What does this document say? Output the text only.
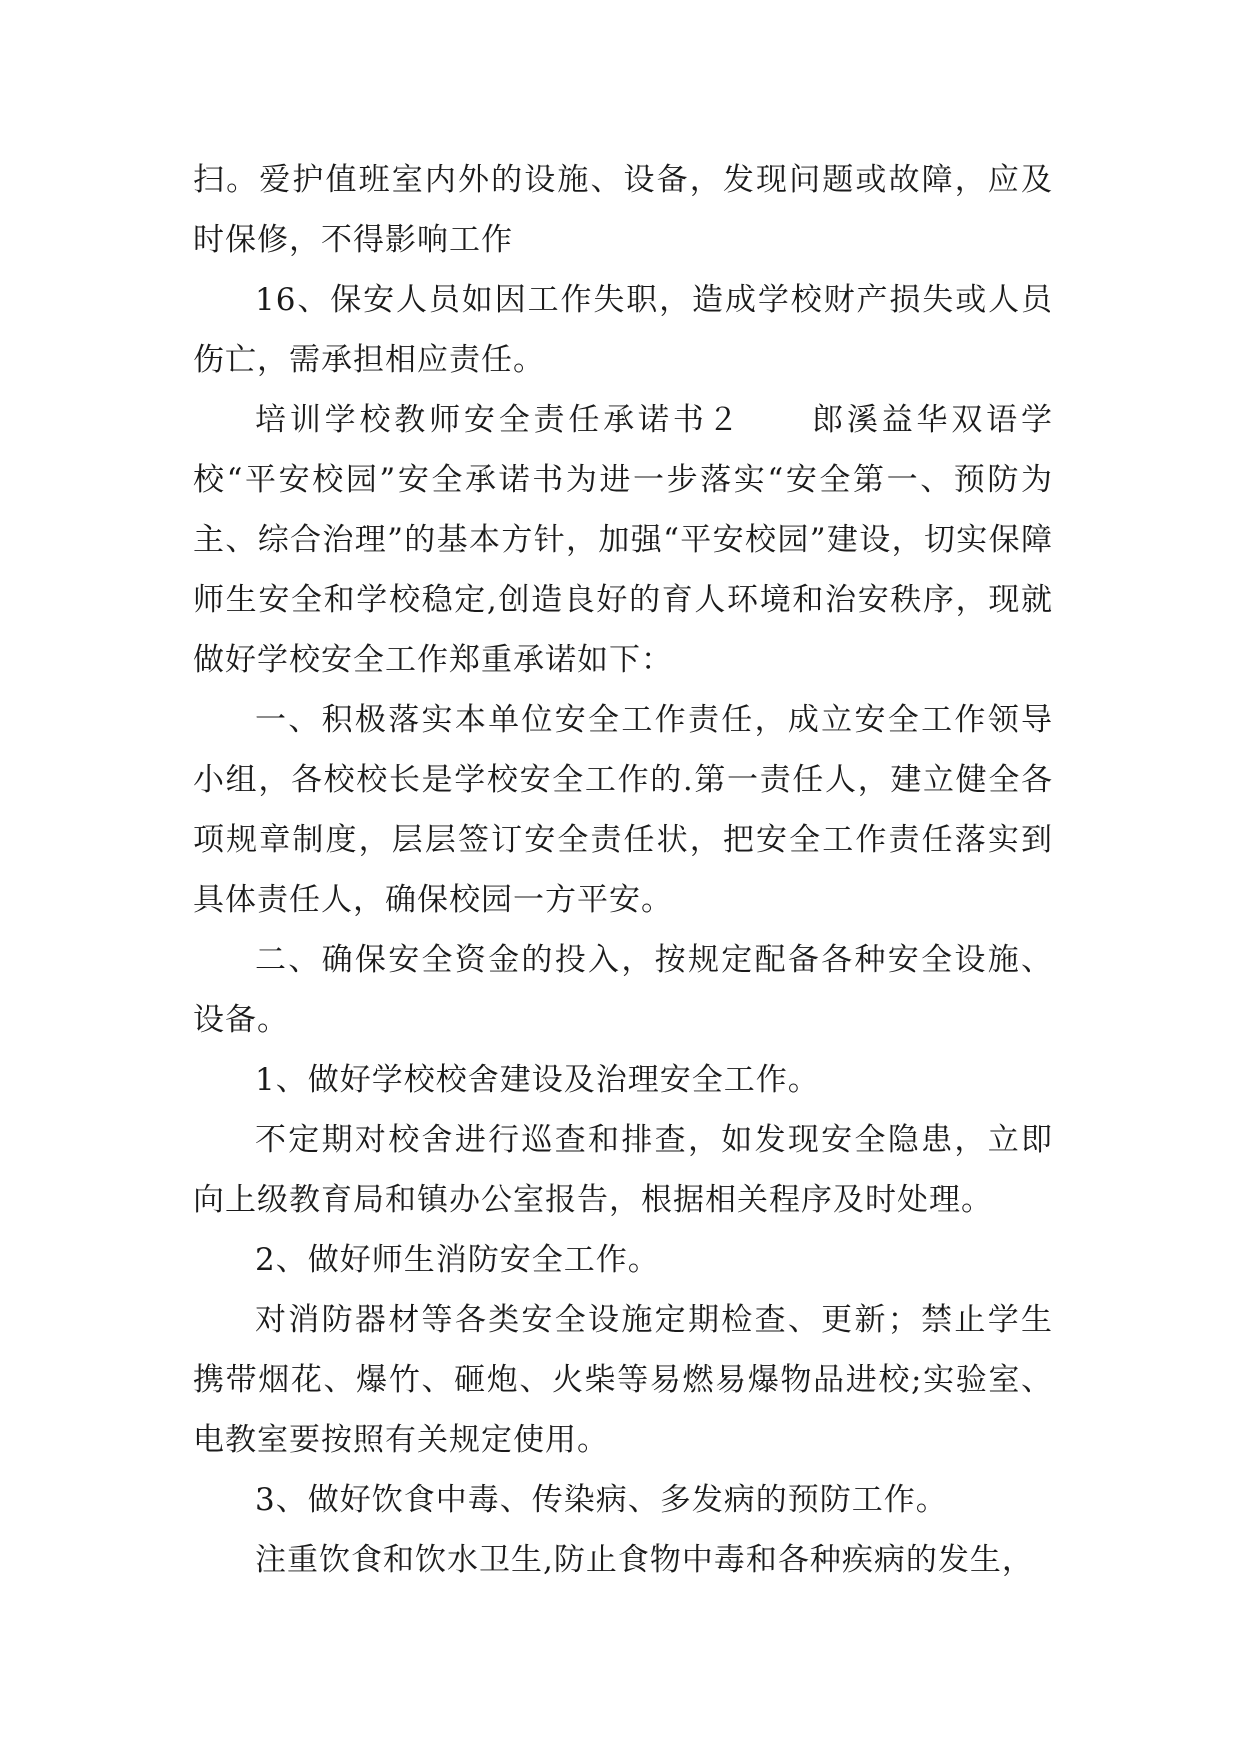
扫。爱护值班室内外的设施、设备，发现问题或故障，应及时保修，不得影响工作

16、保安人员如因工作失职，造成学校财产损失或人员伤亡，需承担相应责任。

培训学校教师安全责任承诺书２　　郎溪益华双语学校“平安校园”安全承诺书为进一步落实“安全第一、预防为主、综合治理”的基本方针，加强“平安校园”建设，切实保障师生安全和学校稳定,创造良好的育人环境和治安秩序，现就做好学校安全工作郑重承诺如下：

一、积极落实本单位安全工作责任，成立安全工作领导小组，各校校长是学校安全工作的.第一责任人，建立健全各项规章制度，层层签订安全责任状，把安全工作责任落实到具体责任人，确保校园一方平安。

二、确保安全资金的投入，按规定配备各种安全设施、设备。

1、做好学校校舍建设及治理安全工作。

不定期对校舍进行巡查和排查，如发现安全隐患，立即向上级教育局和镇办公室报告，根据相关程序及时处理。

2、做好师生消防安全工作。

对消防器材等各类安全设施定期检查、更新；禁止学生携带烟花、爆竹、砸炮、火柴等易燃易爆物品进校;实验室、电教室要按照有关规定使用。

3、做好饮食中毒、传染病、多发病的预防工作。

注重饮食和饮水卫生,防止食物中毒和各种疾病的发生，
